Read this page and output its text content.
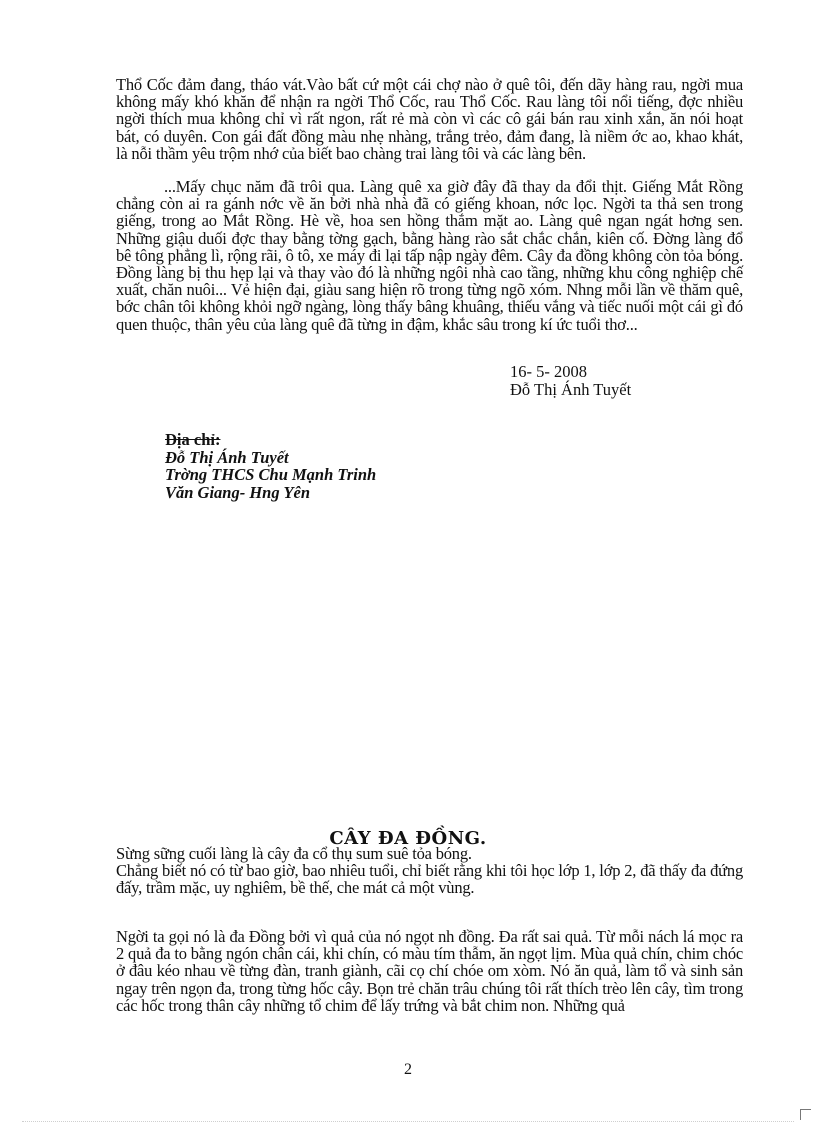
Thổ Cốc đảm đang, tháo vát.Vào bất cứ một cái chợ nào ở quê tôi, đến dãy hàng rau, ngời mua không mấy khó khăn để nhận ra ngời Thổ Cốc, rau Thổ Cốc. Rau làng tôi nổi tiếng, đợc nhiều ngời thích mua không chỉ vì rất ngon, rất rẻ mà còn vì các cô gái bán rau xinh xắn, ăn nói hoạt bát, có duyên. Con gái đất đồng màu nhẹ nhàng, trắng trẻo, đảm đang, là niềm ớc ao, khao khát, là nỗi thầm yêu trộm nhớ của biết bao chàng trai làng tôi và các làng bên.

...Mấy chục năm đã trôi qua. Làng quê xa giờ đây đã thay da đổi thịt. Giếng Mắt Rồng chẳng còn ai ra gánh nớc về ăn bởi nhà nhà đã có giếng khoan, nớc lọc. Ngời ta thả sen trong giếng, trong ao Mắt Rồng. Hè về, hoa sen hồng thắm mặt ao. Làng quê ngan ngát hơng sen. Những giậu duối đợc thay bằng tờng gạch, bằng hàng rào sắt chắc chắn, kiên cố. Đờng làng đổ bê tông phẳng lì, rộng rãi, ô tô, xe máy đi lại tấp nập ngày đêm. Cây đa đồng không còn tỏa bóng. Đồng làng bị thu hẹp lại và thay vào đó là những ngôi nhà cao tầng, những khu công nghiệp chế xuất, chăn nuôi... Vẻ hiện đại, giàu sang hiện rõ trong từng ngõ xóm. Nhng mỗi lần về thăm quê, bớc chân tôi không khỏi ngỡ ngàng, lòng thấy bâng khuâng, thiếu vắng và tiếc nuối một cái gì đó quen thuộc, thân yêu của làng quê đã từng in đậm, khắc sâu trong kí ức tuổi thơ...

16- 5- 2008
Đỗ Thị Ánh Tuyết
Địa chỉ:
Đỗ Thị Ánh Tuyết
Trờng THCS Chu Mạnh Trinh
Văn Giang- Hng Yên
CÂY ĐA ĐỒNG.

Sừng sững cuối làng là cây đa cổ thụ sum suê tỏa bóng.
Chẳng biết nó có từ bao giờ, bao nhiêu tuổi, chỉ biết rằng khi tôi học lớp 1, lớp 2, đã thấy đa đứng đấy, trầm mặc, uy nghiêm, bề thế, che mát cả một vùng.

Ngời ta gọi nó là đa Đồng bởi vì quả của nó ngọt nh đồng. Đa rất sai quả. Từ mỗi nách lá mọc ra 2 quả đa to bằng ngón chân cái, khi chín, có màu tím thẫm, ăn ngọt lịm. Mùa quả chín, chim chóc ở đâu kéo nhau về từng đàn, tranh giành, cãi cọ chí chóe om xòm. Nó ăn quả, làm tổ và sinh sản ngay trên ngọn đa, trong từng hốc cây. Bọn trẻ chăn trâu chúng tôi rất thích trèo lên cây, tìm trong các hốc trong thân cây những tổ chim để lấy trứng và bắt chim non. Những quả

2
